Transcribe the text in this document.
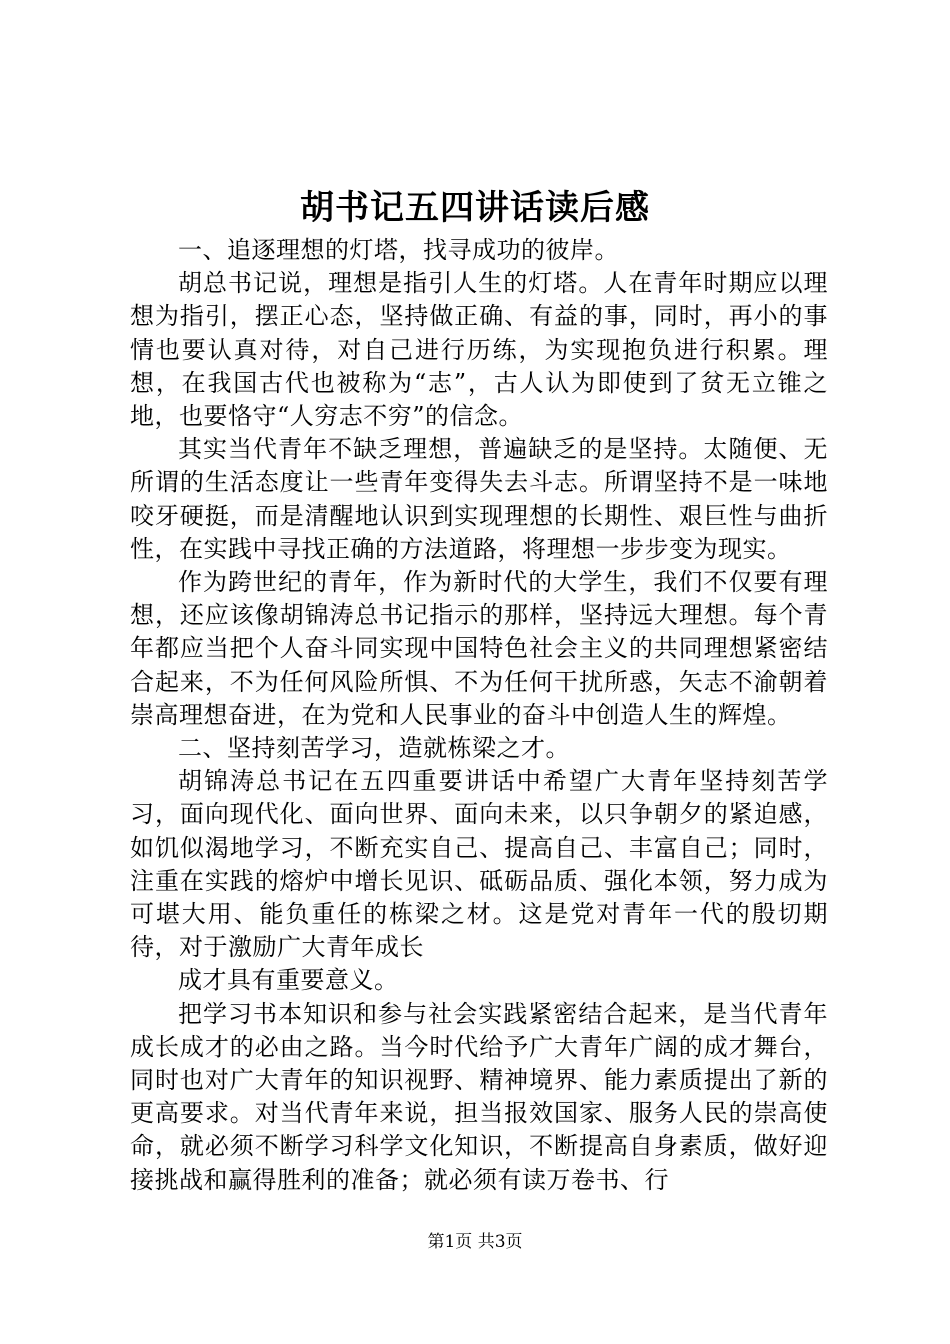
胡书记五四讲话读后感

一、追逐理想的灯塔，找寻成功的彼岸。

胡总书记说，理想是指引人生的灯塔。人在青年时期应以理想为指引，摆正心态，坚持做正确、有益的事，同时，再小的事情也要认真对待，对自己进行历练，为实现抱负进行积累。理想，在我国古代也被称为“志”，古人认为即使到了贫无立锥之地，也要恪守“人穷志不穷”的信念。

其实当代青年不缺乏理想，普遍缺乏的是坚持。太随便、无所谓的生活态度让一些青年变得失去斗志。所谓坚持不是一味地咬牙硬挺，而是清醒地认识到实现理想的长期性、艰巨性与曲折性，在实践中寻找正确的方法道路，将理想一步步变为现实。

作为跨世纪的青年，作为新时代的大学生，我们不仅要有理想，还应该像胡锦涛总书记指示的那样，坚持远大理想。每个青年都应当把个人奋斗同实现中国特色社会主义的共同理想紧密结合起来，不为任何风险所惧、不为任何干扰所惑，矢志不渝朝着崇高理想奋进，在为党和人民事业的奋斗中创造人生的辉煌。

二、坚持刻苦学习，造就栋梁之才。

胡锦涛总书记在五四重要讲话中希望广大青年坚持刻苦学习，面向现代化、面向世界、面向未来，以只争朝夕的紧迫感，如饥似渴地学习，不断充实自己、提高自己、丰富自己；同时，注重在实践的熔炉中增长见识、砥砺品质、强化本领，努力成为可堪大用、能负重任的栋梁之材。这是党对青年一代的殷切期待，对于激励广大青年成长

成才具有重要意义。

把学习书本知识和参与社会实践紧密结合起来，是当代青年成长成才的必由之路。当今时代给予广大青年广阔的成才舞台，同时也对广大青年的知识视野、精神境界、能力素质提出了新的更高要求。对当代青年来说，担当报效国家、服务人民的崇高使命，就必须不断学习科学文化知识，不断提高自身素质，做好迎接挑战和赢得胜利的准备；就必须有读万卷书、行

第1页 共3页
